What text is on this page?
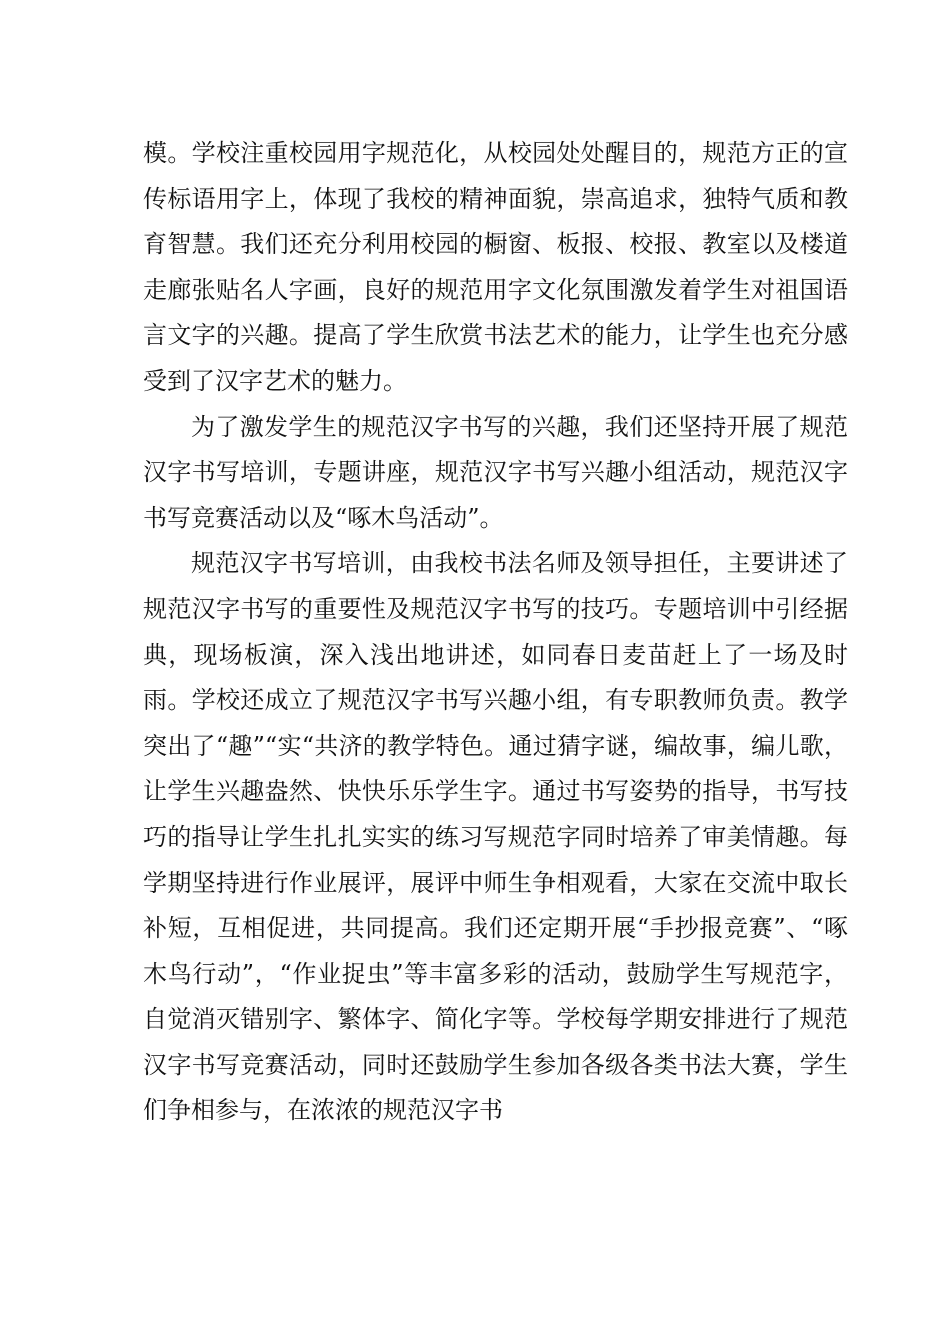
模。学校注重校园用字规范化，从校园处处醒目的，规范方正的宣传标语用字上，体现了我校的精神面貌，崇高追求，独特气质和教育智慧。我们还充分利用校园的橱窗、板报、校报、教室以及楼道走廊张贴名人字画，良好的规范用字文化氛围激发着学生对祖国语言文字的兴趣。提高了学生欣赏书法艺术的能力，让学生也充分感受到了汉字艺术的魅力。

为了激发学生的规范汉字书写的兴趣，我们还坚持开展了规范汉字书写培训，专题讲座，规范汉字书写兴趣小组活动，规范汉字书写竞赛活动以及“啄木鸟活动”。

规范汉字书写培训，由我校书法名师及领导担任，主要讲述了规范汉字书写的重要性及规范汉字书写的技巧。专题培训中引经据典，现场板演，深入浅出地讲述，如同春日麦苗赶上了一场及时雨。学校还成立了规范汉字书写兴趣小组，有专职教师负责。教学突出了“趣”“实“共济的教学特色。通过猜字谜，编故事，编儿歌，让学生兴趣盎然、快快乐乐学生字。通过书写姿势的指导，书写技巧的指导让学生扎扎实实的练习写规范字同时培养了审美情趣。每学期坚持进行作业展评，展评中师生争相观看，大家在交流中取长补短，互相促进，共同提高。我们还定期开展“手抄报竞赛”、“啄木鸟行动”，“作业捉虫”等丰富多彩的活动，鼓励学生写规范字，自觉消灭错别字、繁体字、简化字等。学校每学期安排进行了规范汉字书写竞赛活动，同时还鼓励学生参加各级各类书法大赛，学生们争相参与，在浓浓的规范汉字书
